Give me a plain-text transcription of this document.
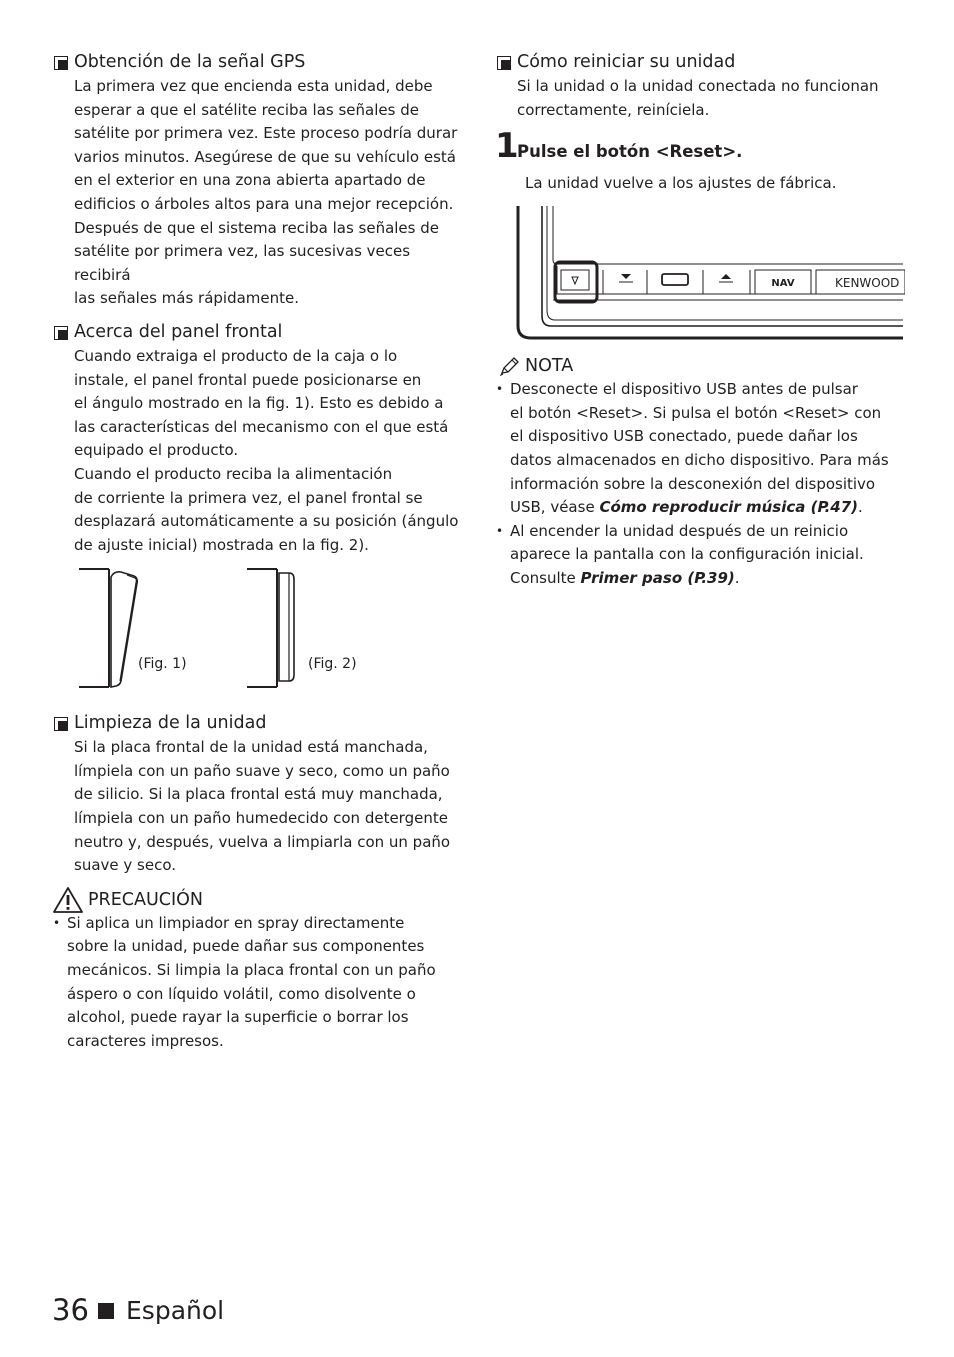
Obtención de la señal GPS

La primera vez que encienda esta unidad, debe

esperar a que el satélite reciba las señales de

satélite por primera vez. Este proceso podría durar

varios minutos. Asegúrese de que su vehículo está

en el exterior en una zona abierta apartado de

edificios o árboles altos para una mejor recepción.

Después de que el sistema reciba las señales de

satélite por primera vez, las sucesivas veces recibirá

las señales más rápidamente.

Acerca del panel frontal

Cuando extraiga el producto de la caja o lo

instale, el panel frontal puede posicionarse en

el ángulo mostrado en la fig. 1). Esto es debido a

las características del mecanismo con el que está

equipado el producto.

Cuando el producto reciba la alimentación

de corriente la primera vez, el panel frontal se

desplazará automáticamente a su posición (ángulo

de ajuste inicial) mostrada en la fig. 2).

(Fig. 1)	(Fig. 2)
Limpieza de la unidad

Si la placa frontal de la unidad está manchada,

límpiela con un paño suave y seco, como un paño

de silicio. Si la placa frontal está muy manchada,

límpiela con un paño humedecido con detergente

neutro y, después, vuelva a limpiarla con un paño

suave y seco.

PRECAUCIÓN
• Si aplica un limpiador en spray directamente
sobre la unidad, puede dañar sus componentes
mecánicos. Si limpia la placa frontal con un paño
áspero o con líquido volátil, como disolvente o
alcohol, puede rayar la superficie o borrar los
caracteres impresos.
Cómo reiniciar su unidad

Si la unidad o la unidad conectada no funcionan

correctamente, reiníciela.

1
Pulse el botón <Reset>.
La unidad vuelve a los ajustes de fábrica.
NAV	KENWOOD
NOTA
• Desconecte el dispositivo USB antes de pulsar
el botón <Reset>. Si pulsa el botón <Reset> con
el dispositivo USB conectado, puede dañar los
datos almacenados en dicho dispositivo. Para más
información sobre la desconexión del dispositivo
USB, véase Cómo reproducir música (P.47).
• Al encender la unidad después de un reinicio
aparece la pantalla con la configuración inicial.
Consulte Primer paso (P.39).
36 Español
